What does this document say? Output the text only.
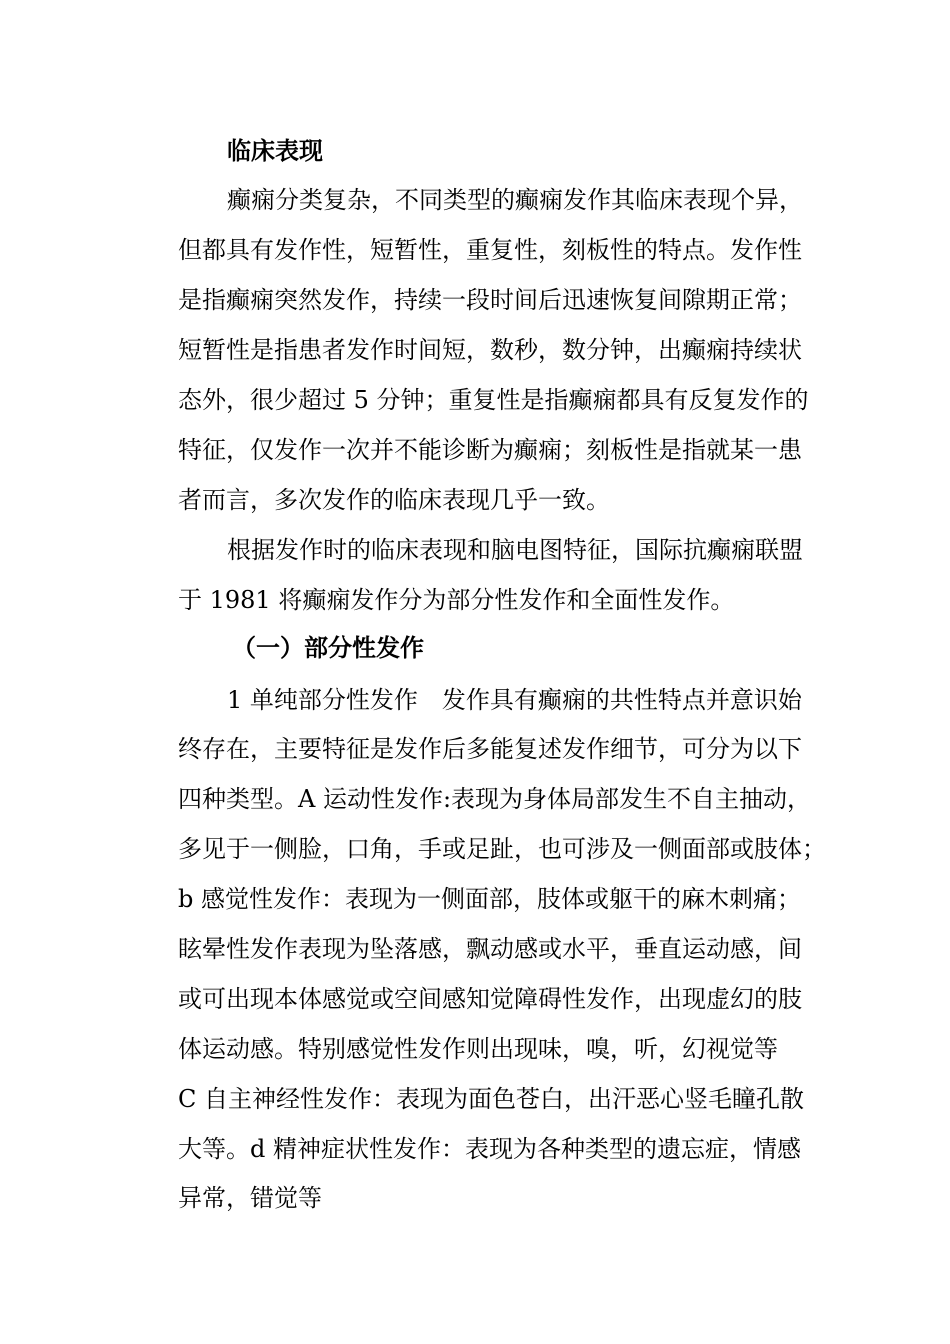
临床表现
癫痫分类复杂，不同类型的癫痫发作其临床表现个异，
但都具有发作性，短暂性，重复性，刻板性的特点。发作性
是指癫痫突然发作，持续一段时间后迅速恢复间隙期正常；
短暂性是指患者发作时间短，数秒，数分钟，出癫痫持续状
态外，很少超过 5 分钟；重复性是指癫痫都具有反复发作的
特征，仅发作一次并不能诊断为癫痫；刻板性是指就某一患
者而言，多次发作的临床表现几乎一致。
根据发作时的临床表现和脑电图特征，国际抗癫痫联盟
于 1981 将癫痫发作分为部分性发作和全面性发作。
（一）部分性发作
1 单纯部分性发作　发作具有癫痫的共性特点并意识始
终存在，主要特征是发作后多能复述发作细节，可分为以下
四种类型。A 运动性发作:表现为身体局部发生不自主抽动，
多见于一侧脸，口角，手或足趾，也可涉及一侧面部或肢体；
b 感觉性发作：表现为一侧面部，肢体或躯干的麻木刺痛；
眩晕性发作表现为坠落感，飘动感或水平，垂直运动感，间
或可出现本体感觉或空间感知觉障碍性发作，出现虚幻的肢
体运动感。特别感觉性发作则出现味，嗅，听，幻视觉等
C 自主神经性发作：表现为面色苍白，出汗恶心竖毛瞳孔散
大等。d 精神症状性发作：表现为各种类型的遗忘症，情感
异常，错觉等
